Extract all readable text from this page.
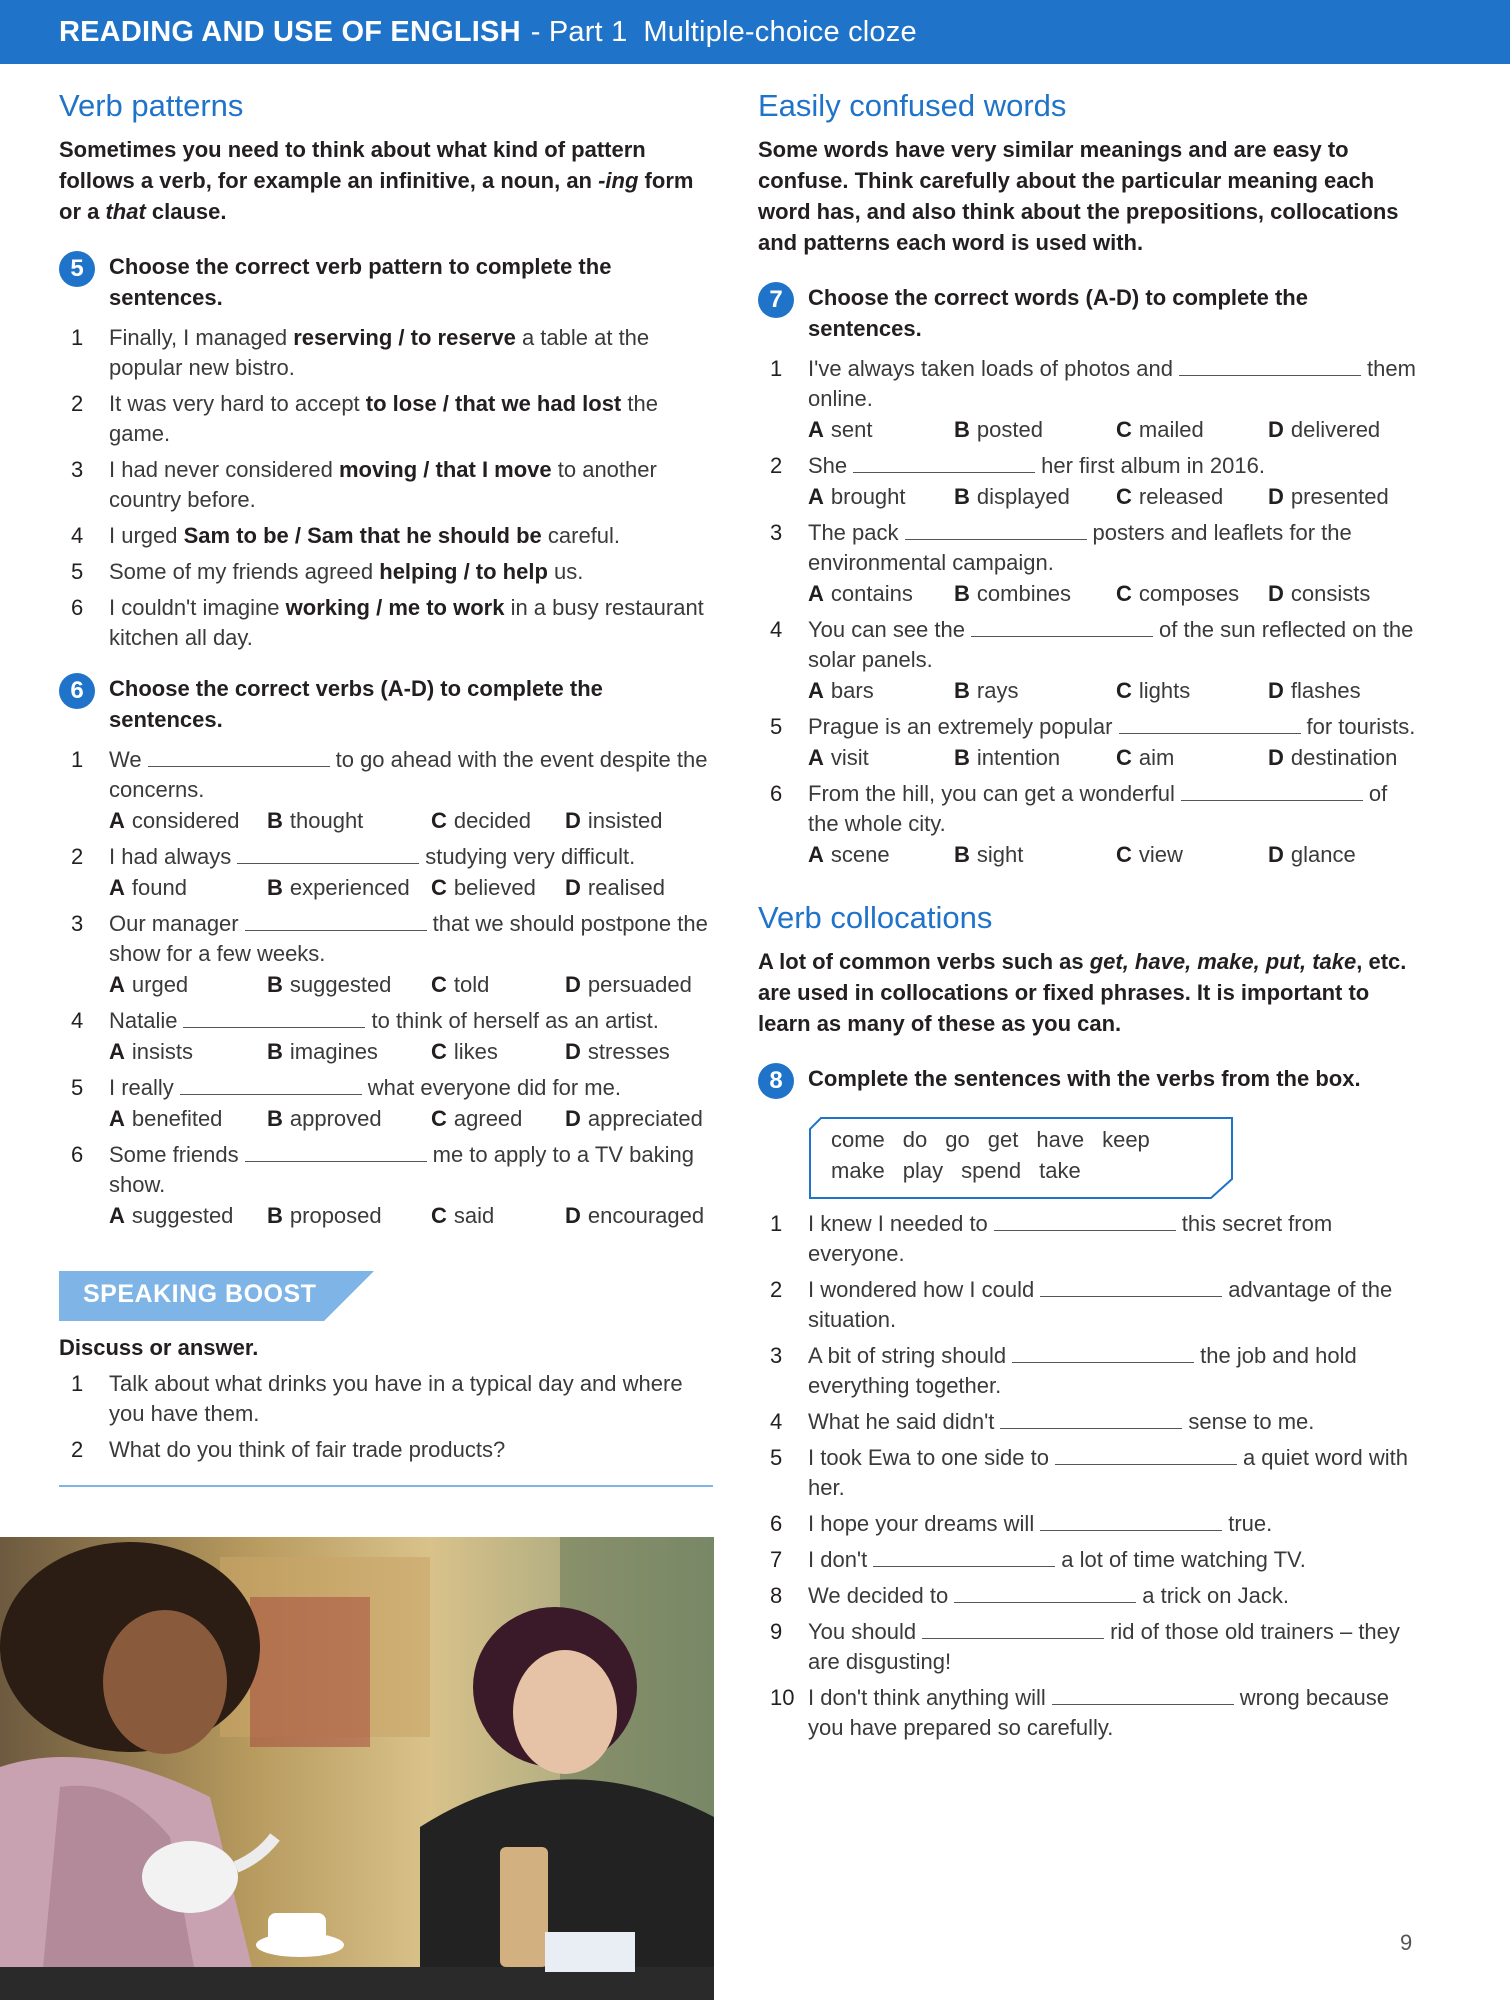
READING AND USE OF ENGLISH - Part 1 Multiple-choice cloze
Verb patterns
Sometimes you need to think about what kind of pattern follows a verb, for example an infinitive, a noun, an -ing form or a that clause.
5	Choose the correct verb pattern to complete the sentences.
1	Finally, I managed reserving / to reserve a table at the popular new bistro.
2	It was very hard to accept to lose / that we had lost the game.
3	I had never considered moving / that I move to another country before.
4	I urged Sam to be / Sam that he should be careful.
5	Some of my friends agreed helping / to help us.
6	I couldn't imagine working / me to work in a busy restaurant kitchen all day.
6	Choose the correct verbs (A-D) to complete the sentences.
1	We	to go ahead with the event despite the concerns.
A considered	B thought	C decided	D insisted
2	I had always	studying very difficult.
A found	B experienced C believed	D realised
3	Our manager	that we should postpone the show for a few weeks.
A urged	B suggested	C told	D persuaded
4	Natalie	to think of herself as an artist.
A insists	B imagines	C likes	D stresses
5	I really	what everyone did for me.
A benefited	B approved	C agreed	D appreciated
6	Some friends	me to apply to a TV baking show.
A suggested	B proposed	C said	D encouraged
SPEAKING BOOST
Discuss or answer.
1	Talk about what drinks you have in a typical day and where you have them.
2	What do you think of fair trade products?
Easily confused words
Some words have very similar meanings and are easy to confuse. Think carefully about the particular meaning each word has, and also think about the prepositions, collocations and patterns each word is used with.
7	Choose the correct words (A-D) to complete the sentences.
1	I've always taken loads of photos and	them online.
A sent	B posted	C mailed	D delivered
2	She	her first album in 2016.
A brought	B displayed	C released	D presented
3	The pack	posters and leaflets for the environmental campaign.
A contains	B combines	C composes	D consists
4	You can see the	of the sun reflected on the solar panels.
A bars	B rays	C lights	D flashes
5	Prague is an extremely popular	for tourists.
A visit	B intention	C aim	D destination
6	From the hill, you can get a wonderful	of the whole city.
A scene	B sight	C view	D glance
Verb collocations
A lot of common verbs such as get, have, make, put, take, etc. are used in collocations or fixed phrases. It is important to learn as many of these as you can.
8	Complete the sentences with the verbs from the box.
come do go get have keep
make play spend take
1	I knew I needed to	this secret from everyone.
2	I wondered how I could	advantage of the situation.
3	A bit of string should	the job and hold everything together.
4	What he said didn't	sense to me.
5	I took Ewa to one side to	a quiet word with her.
6	I hope your dreams will	true.
7	I don't	a lot of time watching TV.
8	We decided to	a trick on Jack.
9	You should	rid of those old trainers – they are disgusting!
10 I don't think anything will	wrong because you have prepared so carefully.
9
